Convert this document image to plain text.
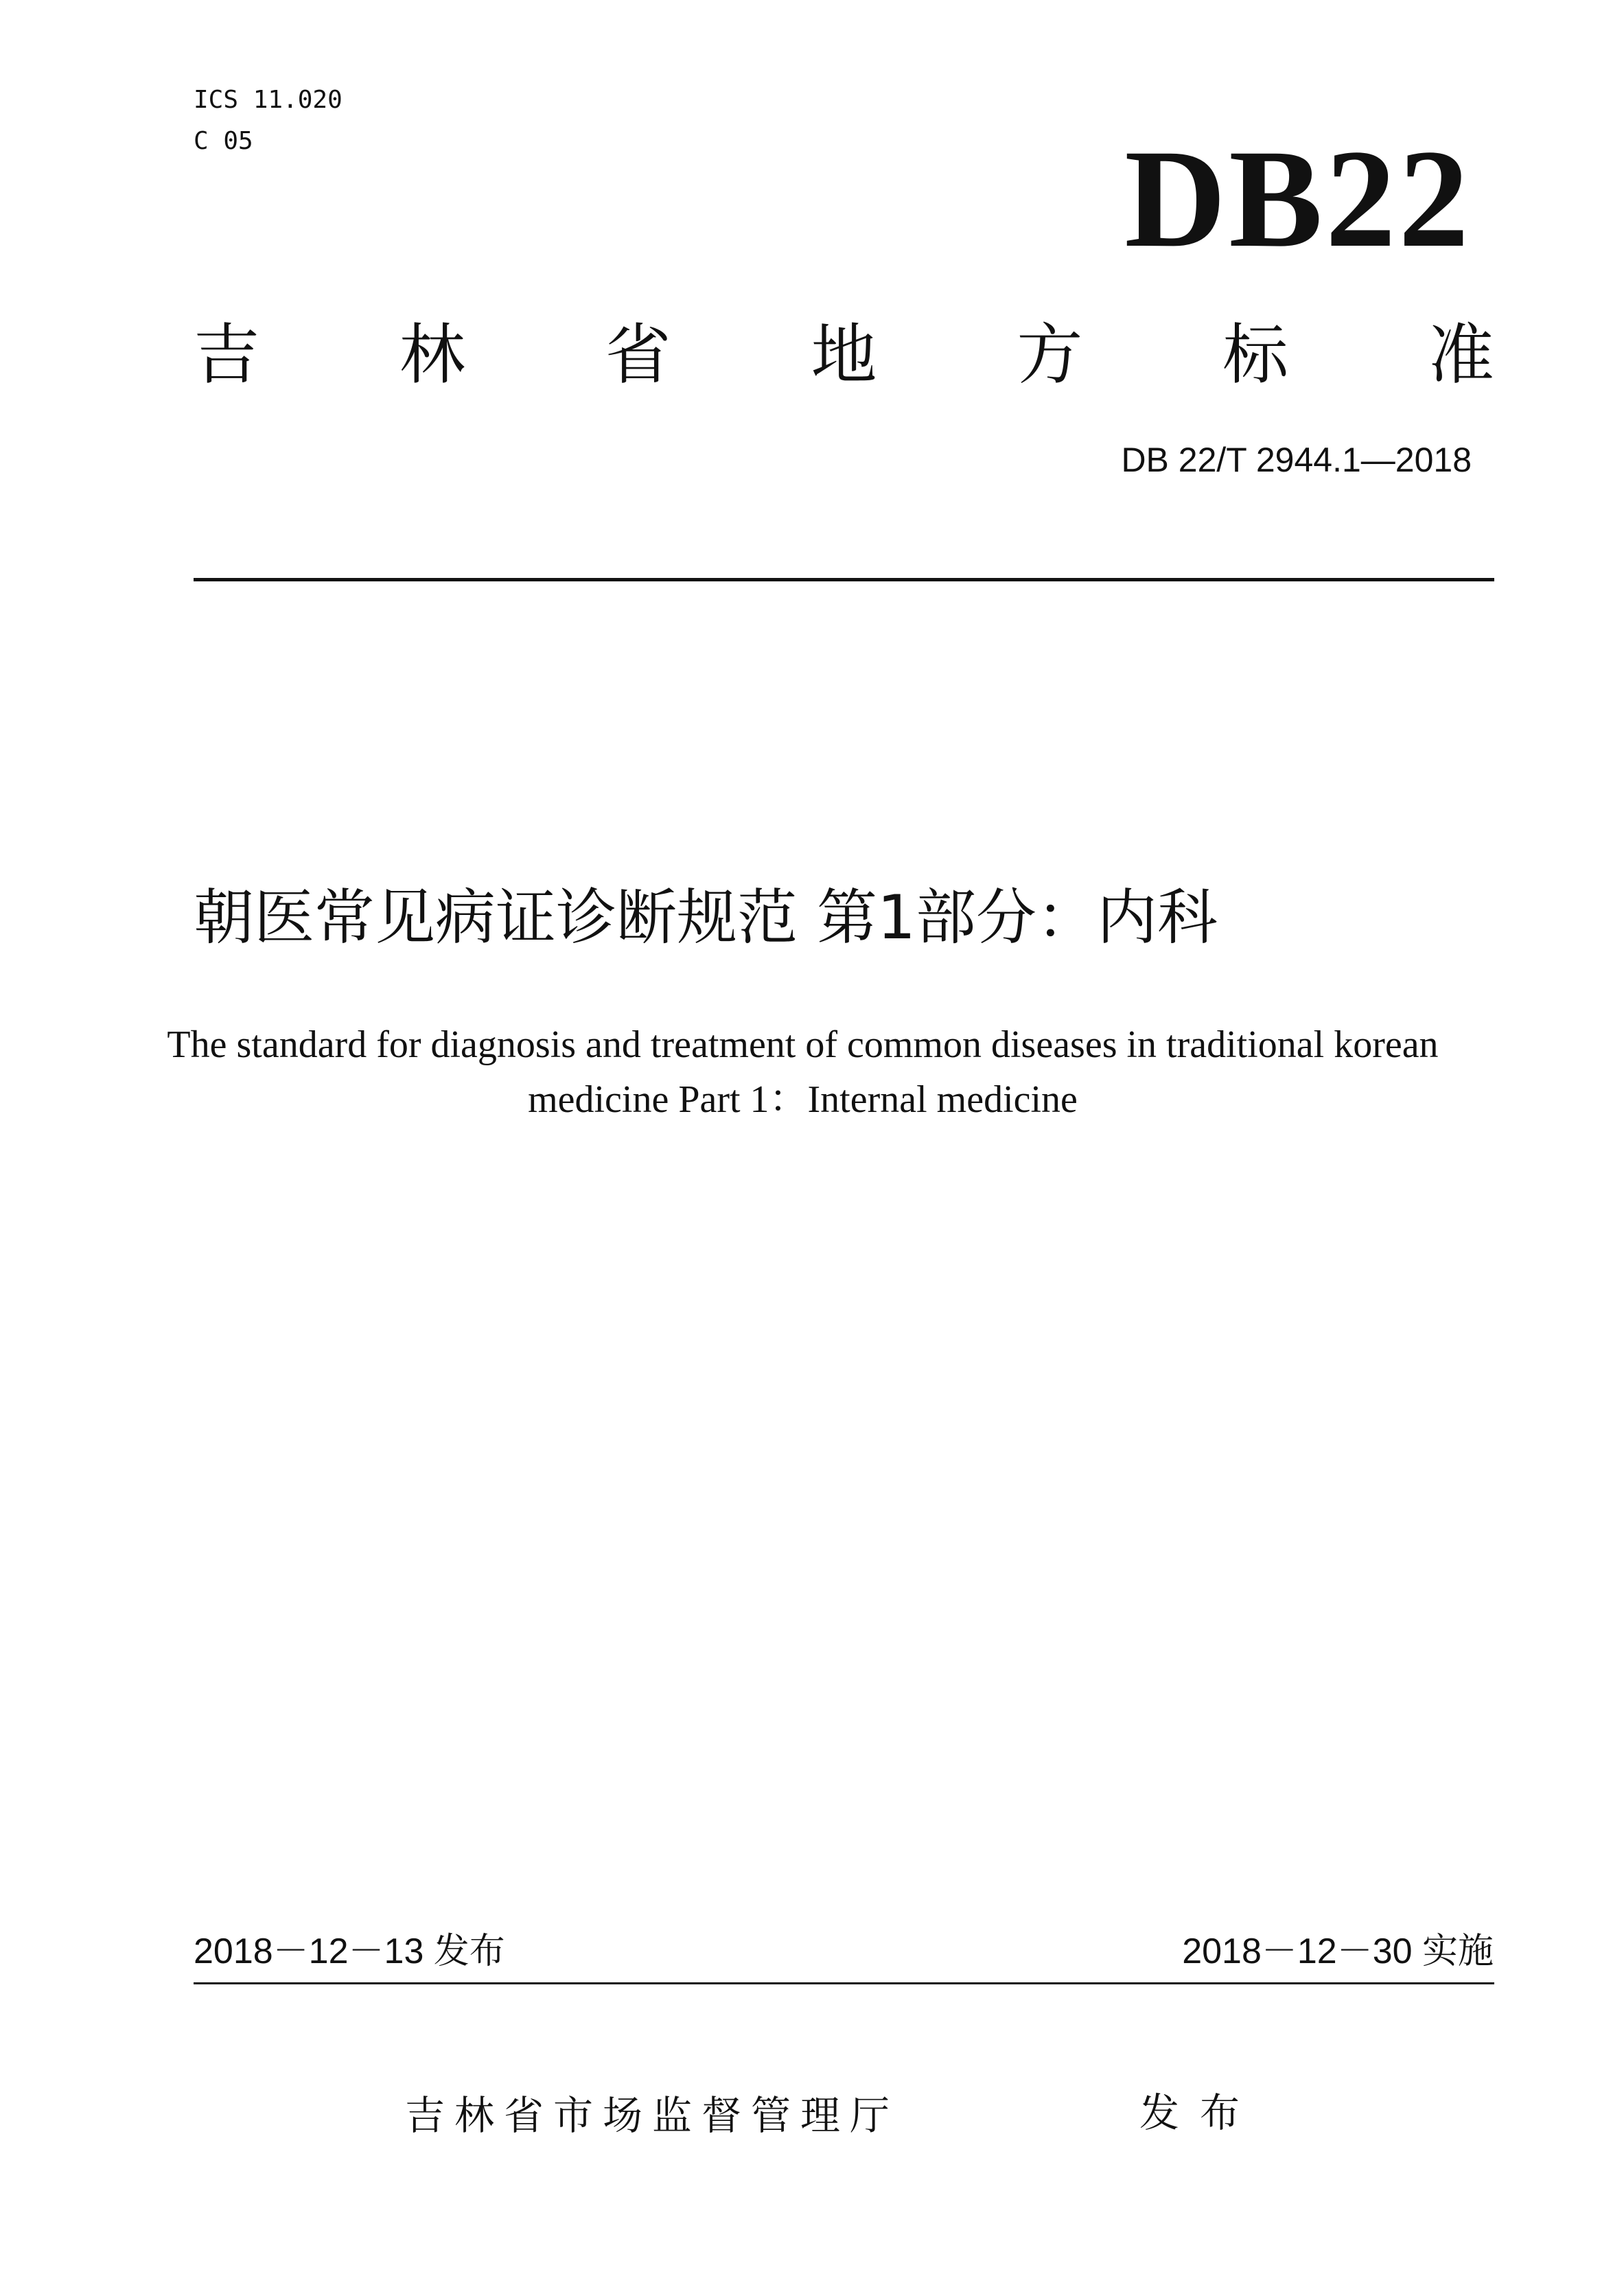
ICS 11.020
C 05	DB22
吉 林 省 地 方 标 准
DB 22/T 2944.1—2018
朝医常见病证诊断规范 第1部分：内科
The standard for diagnosis and treatment of common diseases in traditional korean
medicine Part 1：Internal medicine
2018－12－13 发布	2018－12－30 实施
吉林省市场监督管理厅	发布
